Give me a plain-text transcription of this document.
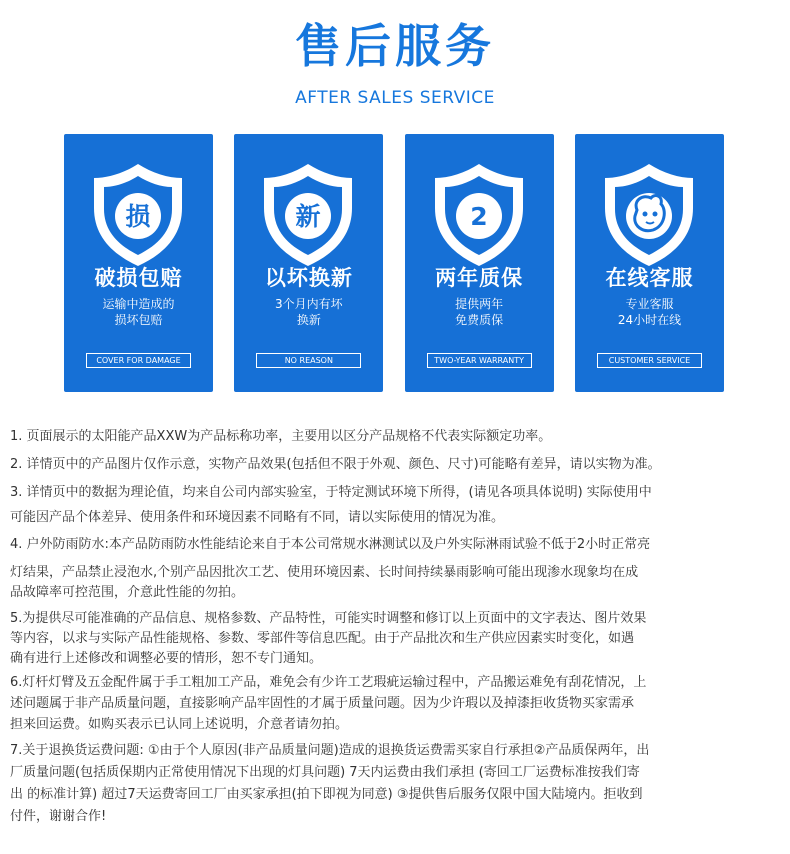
售后服务
AFTER SALES SERVICE
损
破损包赔
运输中造成的
损坏包赔
COVER FOR DAMAGE
新
以坏换新
3个月内有坏
换新
NO REASON
2
两年质保
提供两年
免费质保
TWO-YEAR WARRANTY
在线客服
专业客服
24小时在线
CUSTOMER SERVICE
1. 页面展示的太阳能产品XXW为产品标称功率，主要用以区分产品规格不代表实际额定功率。
2. 详情页中的产品图片仅作示意，实物产品效果(包括但不限于外观、颜色、尺寸)可能略有差异，请以实物为准。
3. 详情页中的数据为理论值，均来自公司内部实验室，于特定测试环境下所得，(请见各项具体说明) 实际使用中
可能因产品个体差异、使用条件和环境因素不同略有不同，请以实际使用的情况为准。
4. 户外防雨防水:本产品防雨防水性能结论来自于本公司常规水淋测试以及户外实际淋雨试验不低于2小时正常亮
灯结果，产品禁止浸泡水,个别产品因批次工艺、使用环境因素、长时间持续暴雨影响可能出现渗水现象均在成
品故障率可控范围，介意此性能的勿拍。
5.为提供尽可能准确的产品信息、规格参数、产品特性，可能实时调整和修订以上页面中的文字表达、图片效果
等内容，以求与实际产品性能规格、参数、零部件等信息匹配。由于产品批次和生产供应因素实时变化，如遇
确有进行上述修改和调整必要的情形，恕不专门通知。
6.灯杆灯臂及五金配件属于手工粗加工产品，难免会有少许工艺瑕疵运输过程中，产品搬运难免有刮花情况，上
述问题属于非产品质量问题，直接影响产品牢固性的才属于质量问题。因为少许瑕以及掉漆拒收货物买家需承
担来回运费。如购买表示已认同上述说明，介意者请勿拍。
7.关于退换货运费问题: ①由于个人原因(非产品质量问题)造成的退换货运费需买家自行承担②产品质保两年，出
厂质量问题(包括质保期内正常使用情况下出现的灯具问题) 7天内运费由我们承担 (寄回工厂运费标准按我们寄
出 的标准计算) 超过7天运费寄回工厂由买家承担(拍下即视为同意) ③提供售后服务仅限中国大陆境内。拒收到
付件，谢谢合作!
